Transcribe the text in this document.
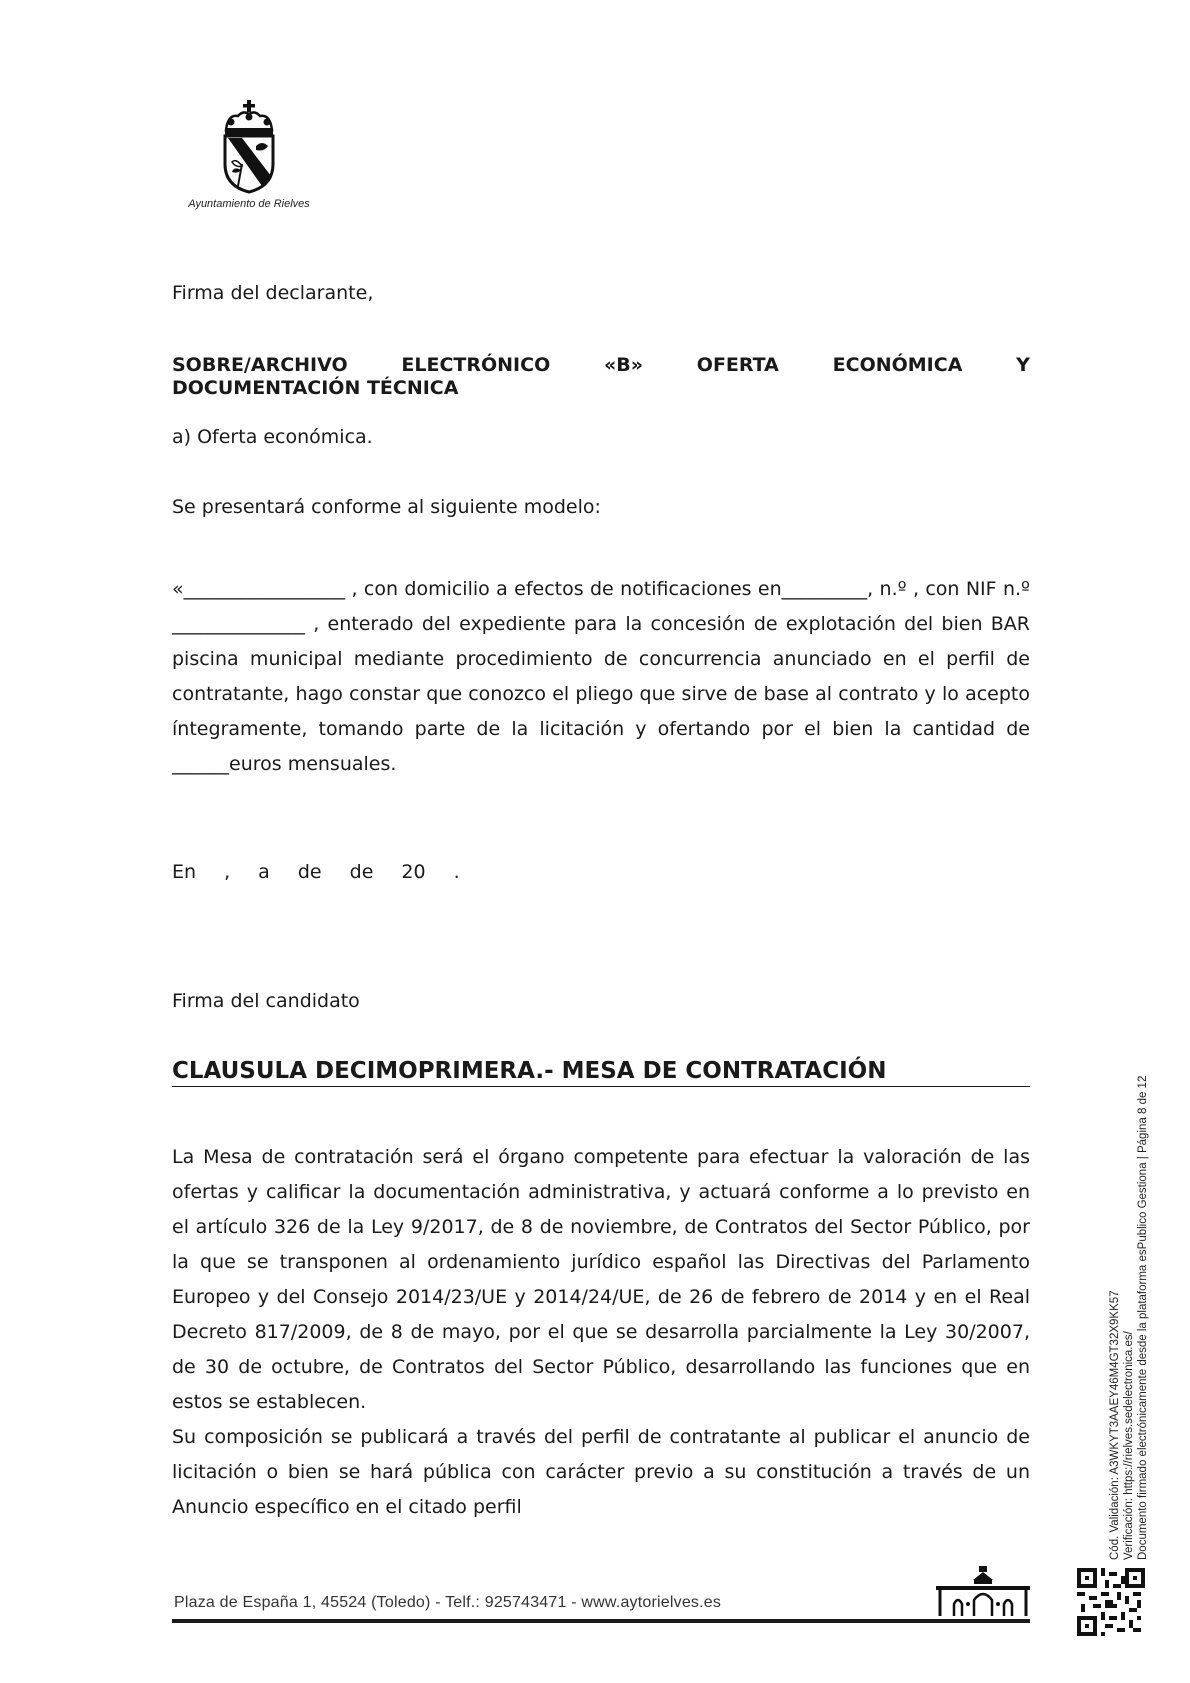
Ayuntamiento de Rielves

Firma del declarante,

SOBRE/ARCHIVO	ELECTRÓNICO	«B»	OFERTA	ECONÓMICA	Y
DOCUMENTACIÓN TÉCNICA

a) Oferta económica.

Se presentará conforme al siguiente modelo:

«_________________ , con domicilio a efectos de notificaciones en_________, n.º , con NIF n.º ______________ , enterado del expediente para la concesión de explotación del bien BAR piscina municipal mediante procedimiento de concurrencia anunciado en el perfil de contratante, hago constar que conozco el pliego que sirve de base al contrato y lo acepto íntegramente, tomando parte de la licitación y ofertando por el bien la cantidad de ______euros mensuales.

En , a de de 20 .

Firma del candidato

CLAUSULA DECIMOPRIMERA.- MESA DE CONTRATACIÓN

La Mesa de contratación será el órgano competente para efectuar la valoración de las ofertas y calificar la documentación administrativa, y actuará conforme a lo previsto en el artículo 326 de la Ley 9/2017, de 8 de noviembre, de Contratos del Sector Público, por la que se transponen al ordenamiento jurídico español las Directivas del Parlamento Europeo y del Consejo 2014/23/UE y 2014/24/UE, de 26 de febrero de 2014 y en el Real Decreto 817/2009, de 8 de mayo, por el que se desarrolla parcialmente la Ley 30/2007, de 30 de octubre, de Contratos del Sector Público, desarrollando las funciones que en estos se establecen.

Su composición se publicará a través del perfil de contratante al publicar el anuncio de licitación o bien se hará pública con carácter previo a su constitución a través de un Anuncio específico en el citado perfil	Cód. Validación: A3WKYT3AAEY46M4GT32X9KK57 Verificación: https://rielves.sedelectronica.es/ Documento firmado electrónicamente desde la plataforma esPublico Gestiona | Página 8 de 12
Plaza de España 1, 45524 (Toledo) - Telf.: 925743471 - www.aytorielves.es
